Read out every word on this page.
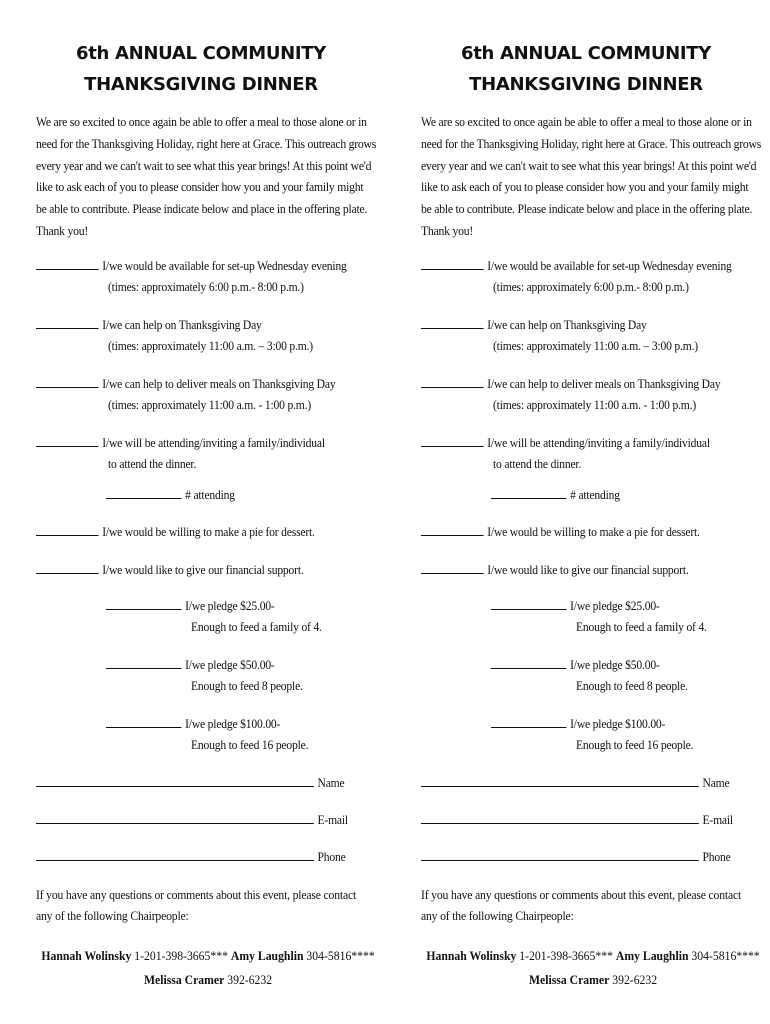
6th ANNUAL COMMUNITY
THANKSGIVING DINNER
We are so excited to once again be able to offer a meal to those alone or in need for the Thanksgiving Holiday, right here at Grace. This outreach grows every year and we can't wait to see what this year brings! At this point we'd like to ask each of you to please consider how you and your family might be able to contribute. Please indicate below and place in the offering plate. Thank you!
I/we would be available for set-up Wednesday evening
(times: approximately 6:00 p.m.- 8:00 p.m.)
I/we can help on Thanksgiving Day
(times: approximately 11:00 a.m. – 3:00 p.m.)
I/we can help to deliver meals on Thanksgiving Day
(times: approximately 11:00 a.m. - 1:00 p.m.)
I/we will be attending/inviting a family/individual
to attend the dinner.
# attending
I/we would be willing to make a pie for dessert.
I/we would like to give our financial support.
I/we pledge $25.00-
Enough to feed a family of 4.
I/we pledge $50.00-
Enough to feed 8 people.
I/we pledge $100.00-
Enough to feed 16 people.
Name
E-mail
Phone
If you have any questions or comments about this event, please contact any of the following Chairpeople:
Hannah Wolinsky 1-201-398-3665*** Amy Laughlin 304-5816****
Melissa Cramer 392-6232
6th ANNUAL COMMUNITY
THANKSGIVING DINNER
We are so excited to once again be able to offer a meal to those alone or in need for the Thanksgiving Holiday, right here at Grace. This outreach grows every year and we can't wait to see what this year brings! At this point we'd like to ask each of you to please consider how you and your family might be able to contribute. Please indicate below and place in the offering plate. Thank you!
I/we would be available for set-up Wednesday evening
(times: approximately 6:00 p.m.- 8:00 p.m.)
I/we can help on Thanksgiving Day
(times: approximately 11:00 a.m. – 3:00 p.m.)
I/we can help to deliver meals on Thanksgiving Day
(times: approximately 11:00 a.m. - 1:00 p.m.)
I/we will be attending/inviting a family/individual
to attend the dinner.
# attending
I/we would be willing to make a pie for dessert.
I/we would like to give our financial support.
I/we pledge $25.00-
Enough to feed a family of 4.
I/we pledge $50.00-
Enough to feed 8 people.
I/we pledge $100.00-
Enough to feed 16 people.
Name
E-mail
Phone
If you have any questions or comments about this event, please contact any of the following Chairpeople:
Hannah Wolinsky 1-201-398-3665*** Amy Laughlin 304-5816****
Melissa Cramer 392-6232
